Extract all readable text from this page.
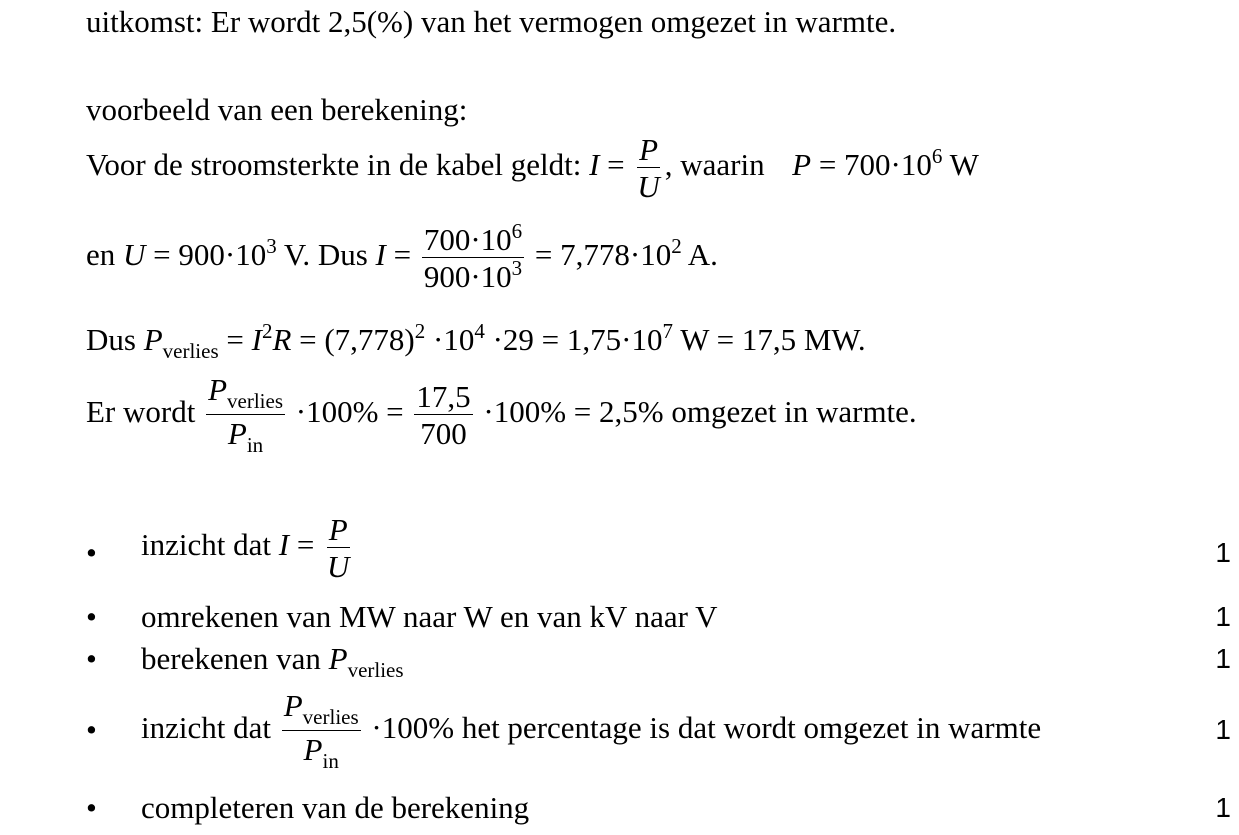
uitkomst: Er wordt 2,5(%) van het vermogen omgezet in warmte.
voorbeeld van een berekening:
Voor de stroomsterkte in de kabel geldt: $I = \frac{P}{U}$ , waarin $P = 700\cdot 10^6$ W
en $U = 900\cdot 10^3$ V. Dus $I = \frac{700\cdot 10^6}{900\cdot 10^3} = 7,778\cdot 10^2$ A.
Dus $P_{verlies} = I^2R = (7,778)^2 \cdot 10^4 \cdot 29 = 1,75\cdot 10^7$ W = 17,5 MW.
Er wordt $\frac{P_{verlies}}{P_{in}} \cdot 100\% = \frac{17,5}{700} \cdot 100\% = 2,5\%$ omgezet in warmte.
• inzicht dat $I = \frac{P}{U}$	1
• omrekenen van MW naar W en van kV naar V	1
• berekenen van $P_{verlies}$	1
• inzicht dat $\frac{P_{verlies}}{P_{in}} \cdot 100\%$ het percentage is dat wordt omgezet in warmte	1
• completeren van de berekening	1
